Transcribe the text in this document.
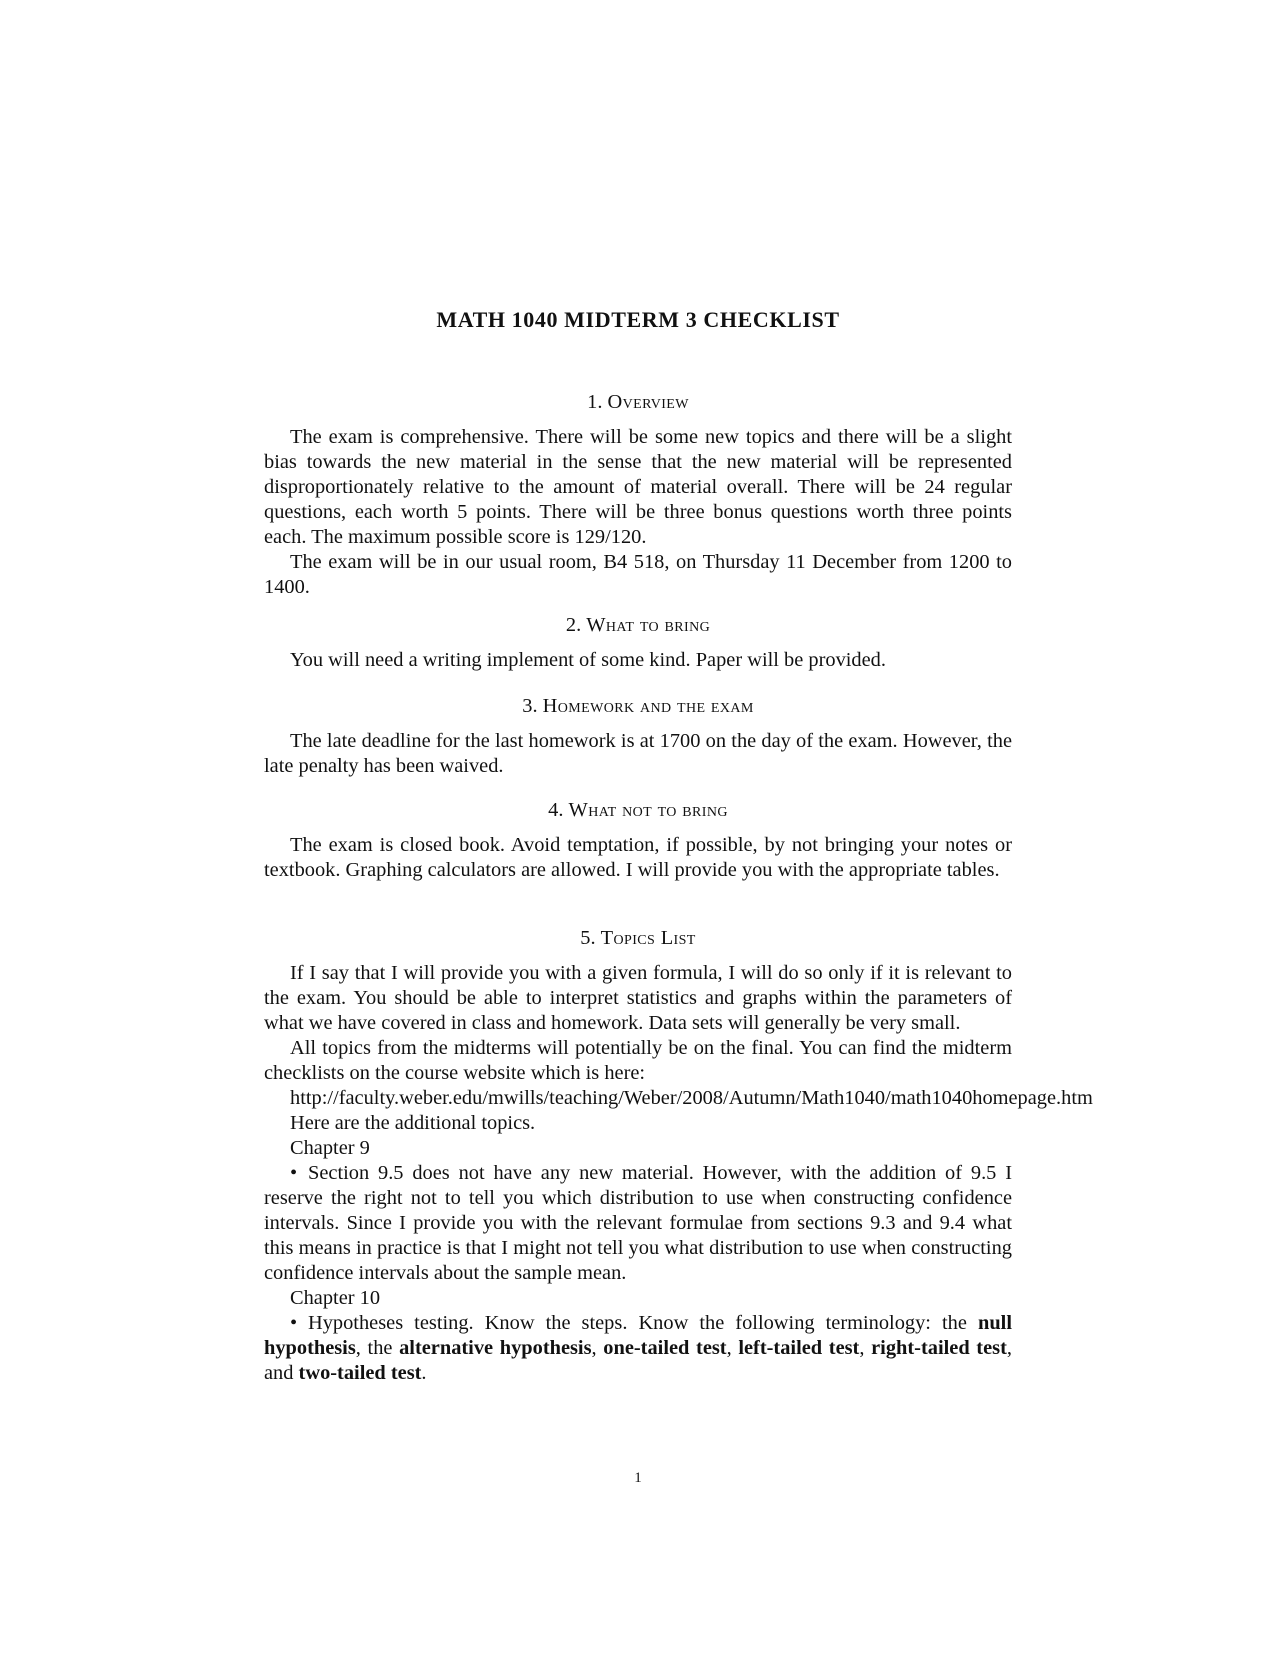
MATH 1040 MIDTERM 3 CHECKLIST
1. Overview

The exam is comprehensive. There will be some new topics and there will be a slight bias towards the new material in the sense that the new material will be represented disproportionately relative to the amount of material overall. There will be 24 regular questions, each worth 5 points. There will be three bonus questions worth three points each. The maximum possible score is 129/120.

The exam will be in our usual room, B4 518, on Thursday 11 December from 1200 to 1400.

2. What to bring

You will need a writing implement of some kind. Paper will be provided.

3. Homework and the exam

The late deadline for the last homework is at 1700 on the day of the exam. However, the late penalty has been waived.

4. What not to bring

The exam is closed book. Avoid temptation, if possible, by not bringing your notes or textbook. Graphing calculators are allowed. I will provide you with the appropriate tables.

5. Topics List

If I say that I will provide you with a given formula, I will do so only if it is relevant to the exam. You should be able to interpret statistics and graphs within the parameters of what we have covered in class and homework. Data sets will generally be very small.

All topics from the midterms will potentially be on the final. You can find the midterm checklists on the course website which is here:

http://faculty.weber.edu/mwills/teaching/Weber/2008/Autumn/Math1040/math1040homepage.htm

Here are the additional topics.

Chapter 9

• Section 9.5 does not have any new material. However, with the addition of 9.5 I reserve the right not to tell you which distribution to use when constructing confidence intervals. Since I provide you with the relevant formulae from sections 9.3 and 9.4 what this means in practice is that I might not tell you what distribution to use when constructing confidence intervals about the sample mean.

Chapter 10

• Hypotheses testing. Know the steps. Know the following terminology: the null hypothesis, the alternative hypothesis, one-tailed test, left-tailed test, right-tailed test, and two-tailed test.

1
